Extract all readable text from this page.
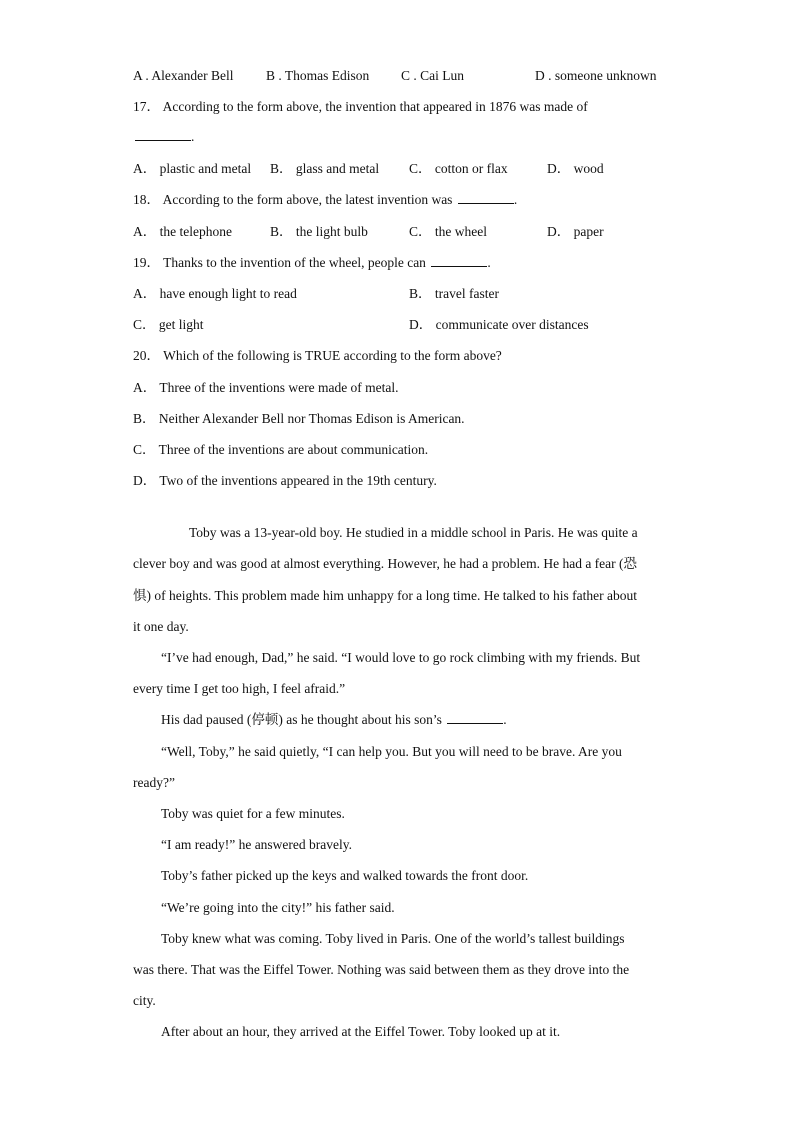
A . Alexander Bell B . Thomas Edison C . Cai Lun	D . someone unknown
17． According to the form above, the invention that appeared in 1876 was made of
.
A． plastic and metal B． glass and metal C． cotton or flax	D． wood
18． According to the form above, the latest invention was	.
A． the telephone	B． the light bulb	C． the wheel	D． paper
19． Thanks to the invention of the wheel, people can	.
A． have enough light to read	B． travel faster
C． get light	D． communicate over distances
20． Which of the following is TRUE according to the form above?
A． Three of the inventions were made of metal.
B． Neither Alexander Bell nor Thomas Edison is American.
C． Three of the inventions are about communication.
D． Two of the inventions appeared in the 19th century.
Toby was a 13-year-old boy. He studied in a middle school in Paris. He was quite a
clever boy and was good at almost everything. However, he had a problem. He had a fear (恐
惧) of heights. This problem made him unhappy for a long time. He talked to his father about
it one day.
“I’ve had enough, Dad,” he said. “I would love to go rock climbing with my friends. But
every time I get too high, I feel afraid.”
His dad paused (停顿) as he thought about his son’s	.
“Well, Toby,” he said quietly, “I can help you. But you will need to be brave. Are you
ready?”
Toby was quiet for a few minutes.
“I am ready!” he answered bravely.
Toby’s father picked up the keys and walked towards the front door.
“We’re going into the city!” his father said.
Toby knew what was coming. Toby lived in Paris. One of the world’s tallest buildings
was there. That was the Eiffel Tower. Nothing was said between them as they drove into the
city.
After about an hour, they arrived at the Eiffel Tower. Toby looked up at it.
